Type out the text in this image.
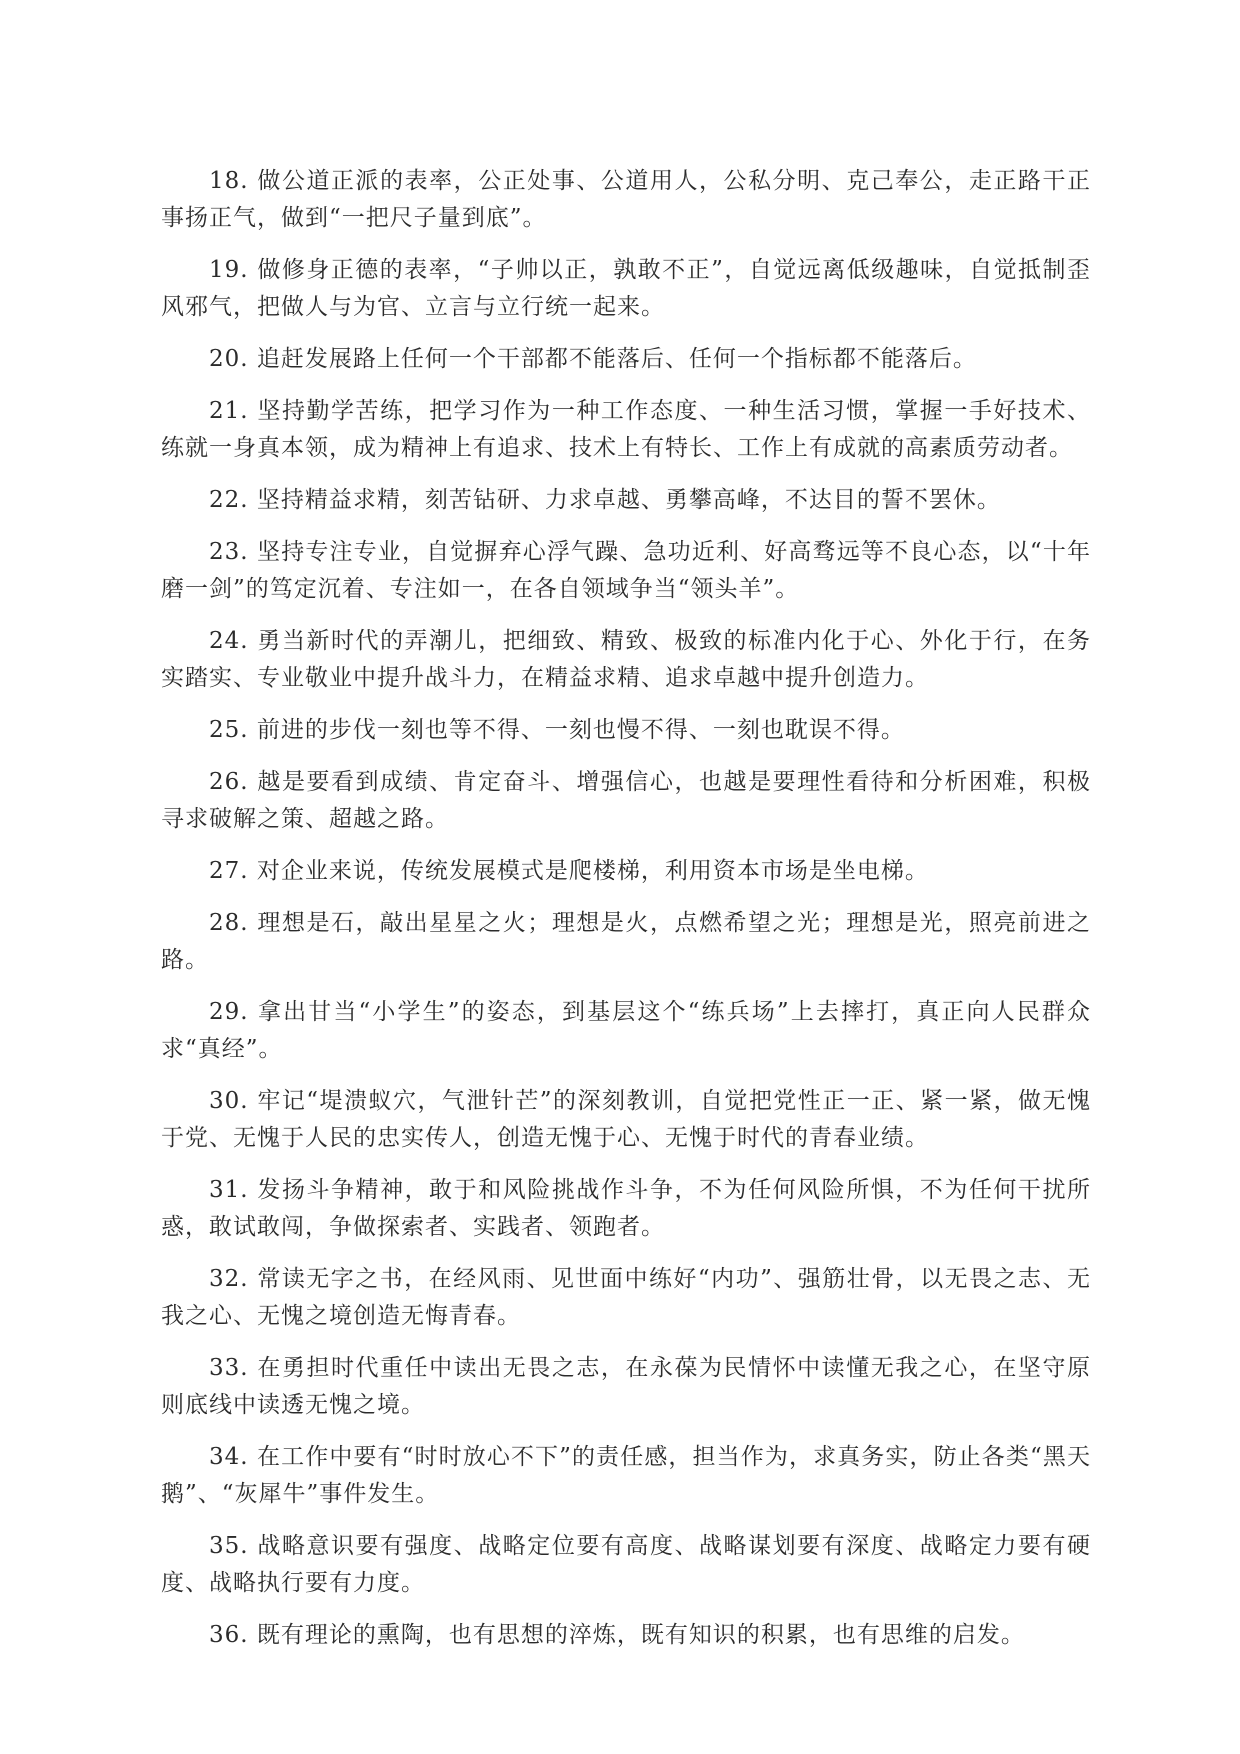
18. 做公道正派的表率，公正处事、公道用人，公私分明、克己奉公，走正路干正事扬正气，做到“一把尺子量到底”。

19. 做修身正德的表率，“子帅以正，孰敢不正”，自觉远离低级趣味，自觉抵制歪风邪气，把做人与为官、立言与立行统一起来。

20. 追赶发展路上任何一个干部都不能落后、任何一个指标都不能落后。

21. 坚持勤学苦练，把学习作为一种工作态度、一种生活习惯，掌握一手好技术、练就一身真本领，成为精神上有追求、技术上有特长、工作上有成就的高素质劳动者。

22. 坚持精益求精，刻苦钻研、力求卓越、勇攀高峰，不达目的誓不罢休。

23. 坚持专注专业，自觉摒弃心浮气躁、急功近利、好高骛远等不良心态，以“十年磨一剑”的笃定沉着、专注如一，在各自领域争当“领头羊”。

24. 勇当新时代的弄潮儿，把细致、精致、极致的标准内化于心、外化于行，在务实踏实、专业敬业中提升战斗力，在精益求精、追求卓越中提升创造力。

25. 前进的步伐一刻也等不得、一刻也慢不得、一刻也耽误不得。

26. 越是要看到成绩、肯定奋斗、增强信心，也越是要理性看待和分析困难，积极寻求破解之策、超越之路。

27. 对企业来说，传统发展模式是爬楼梯，利用资本市场是坐电梯。

28. 理想是石，敲出星星之火；理想是火，点燃希望之光；理想是光，照亮前进之路。

29. 拿出甘当“小学生”的姿态，到基层这个“练兵场”上去摔打，真正向人民群众求“真经”。

30. 牢记“堤溃蚁穴，气泄针芒”的深刻教训，自觉把党性正一正、紧一紧，做无愧于党、无愧于人民的忠实传人，创造无愧于心、无愧于时代的青春业绩。

31. 发扬斗争精神，敢于和风险挑战作斗争，不为任何风险所惧，不为任何干扰所惑，敢试敢闯，争做探索者、实践者、领跑者。

32. 常读无字之书，在经风雨、见世面中练好“内功”、强筋壮骨，以无畏之志、无我之心、无愧之境创造无悔青春。

33. 在勇担时代重任中读出无畏之志，在永葆为民情怀中读懂无我之心，在坚守原则底线中读透无愧之境。

34. 在工作中要有“时时放心不下”的责任感，担当作为，求真务实，防止各类“黑天鹅”、“灰犀牛”事件发生。

35. 战略意识要有强度、战略定位要有高度、战略谋划要有深度、战略定力要有硬度、战略执行要有力度。

36. 既有理论的熏陶，也有思想的淬炼，既有知识的积累，也有思维的启发。
